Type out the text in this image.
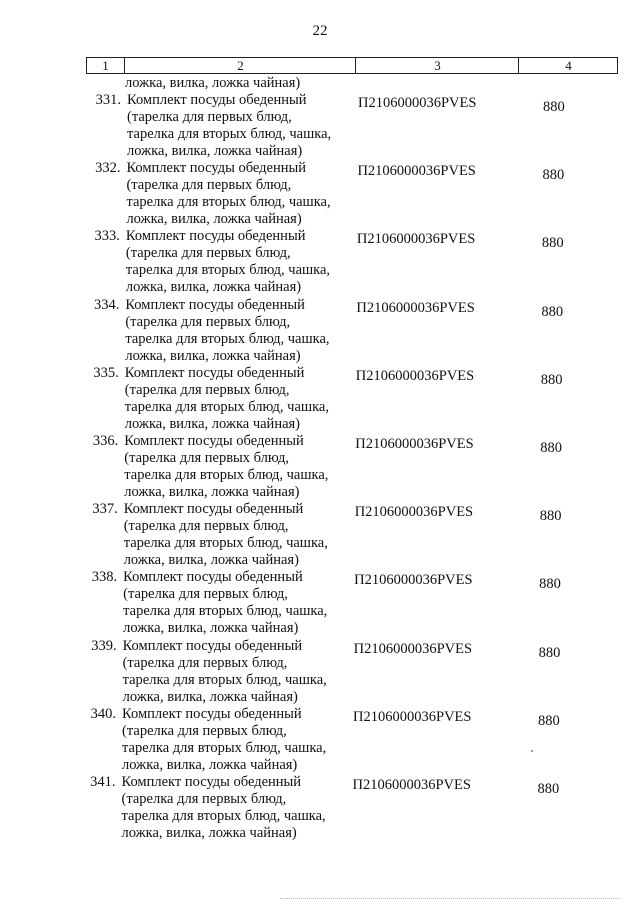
22
1	2	3	4
ложка, вилка, ложка чайная)
331. Комплект посуды обеденный
(тарелка для первых блюд,
тарелка для вторых блюд, чашка,
ложка, вилка, ложка чайная)
П2106000036PVES	880
332. Комплект посуды обеденный
(тарелка для первых блюд,
тарелка для вторых блюд, чашка,
ложка, вилка, ложка чайная)
П2106000036PVES	880
333. Комплект посуды обеденный
(тарелка для первых блюд,
тарелка для вторых блюд, чашка,
ложка, вилка, ложка чайная)
П2106000036PVES	880
334. Комплект посуды обеденный
(тарелка для первых блюд,
тарелка для вторых блюд, чашка,
ложка, вилка, ложка чайная)
П2106000036PVES	880
335. Комплект посуды обеденный
(тарелка для первых блюд,
тарелка для вторых блюд, чашка,
ложка, вилка, ложка чайная)
П2106000036PVES	880
336. Комплект посуды обеденный
(тарелка для первых блюд,
тарелка для вторых блюд, чашка,
ложка, вилка, ложка чайная)
П2106000036PVES	880
337. Комплект посуды обеденный
(тарелка для первых блюд,
тарелка для вторых блюд, чашка,
ложка, вилка, ложка чайная)
П2106000036PVES	880
338. Комплект посуды обеденный
(тарелка для первых блюд,
тарелка для вторых блюд, чашка,
ложка, вилка, ложка чайная)
П2106000036PVES	880
339. Комплект посуды обеденный
(тарелка для первых блюд,
тарелка для вторых блюд, чашка,
ложка, вилка, ложка чайная)
П2106000036PVES	880
340. Комплект посуды обеденный
(тарелка для первых блюд,
тарелка для вторых блюд, чашка,
ложка, вилка, ложка чайная)
П2106000036PVES	880
341. Комплект посуды обеденный
(тарелка для первых блюд,
тарелка для вторых блюд, чашка,
ложка, вилка, ложка чайная)
П2106000036PVES	880
